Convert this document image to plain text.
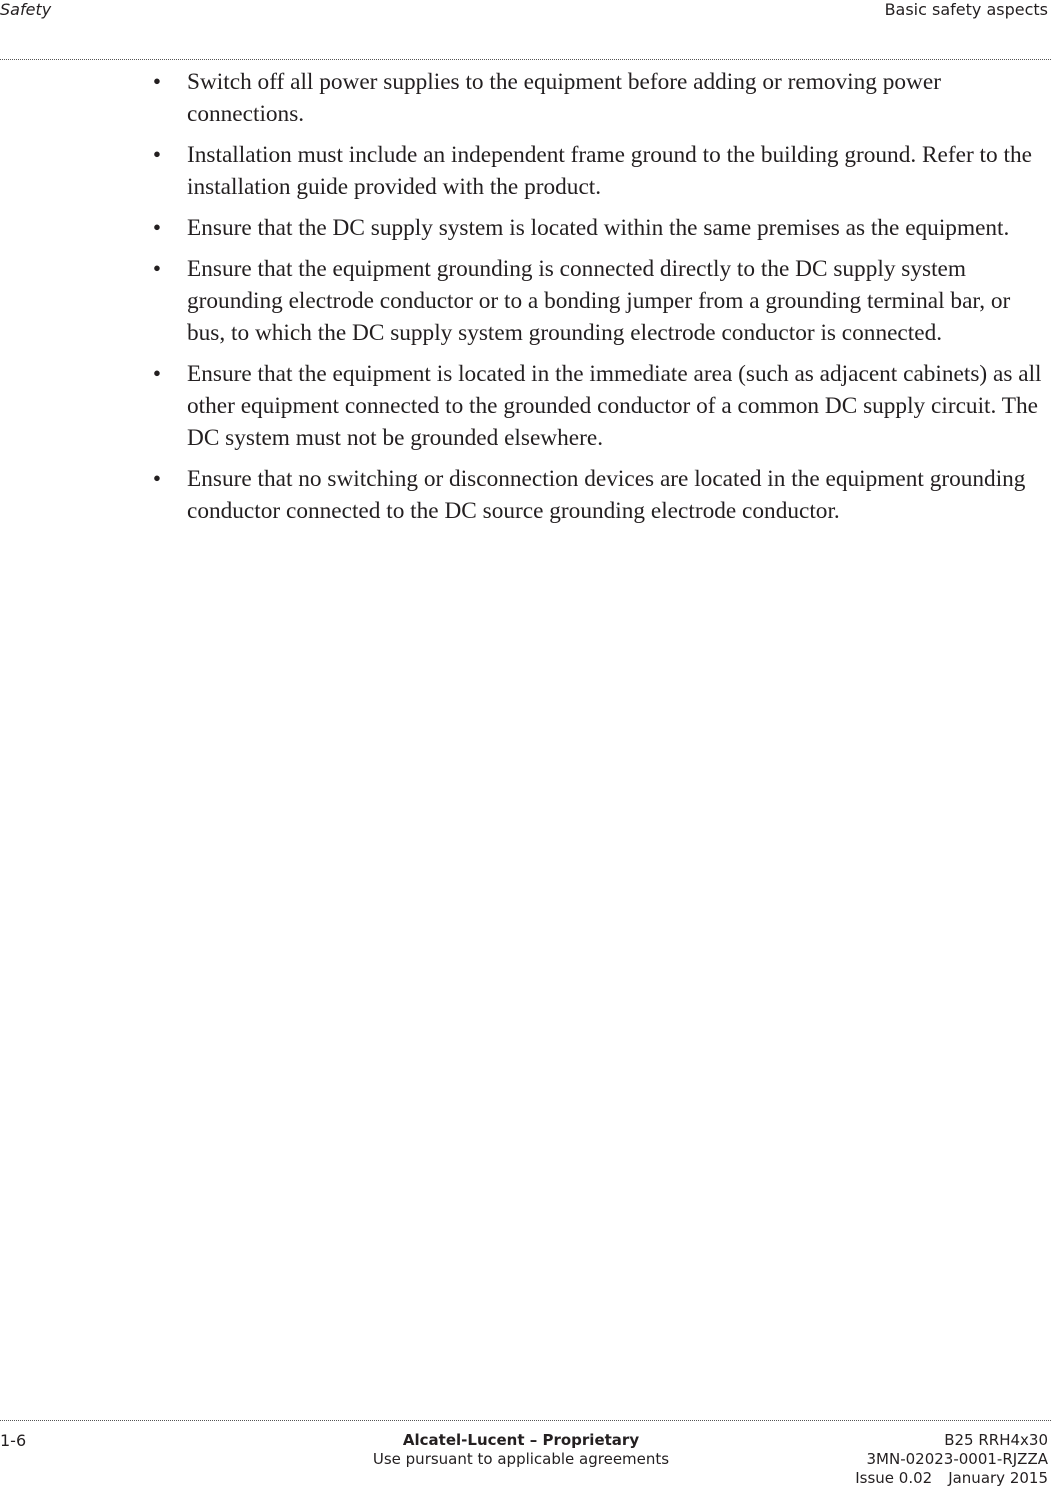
Safety	Basic safety aspects
• Switch off all power supplies to the equipment before adding or removing power connections.
• Installation must include an independent frame ground to the building ground. Refer to the installation guide provided with the product.
• Ensure that the DC supply system is located within the same premises as the equipment.
• Ensure that the equipment grounding is connected directly to the DC supply system grounding electrode conductor or to a bonding jumper from a grounding terminal bar, or bus, to which the DC supply system grounding electrode conductor is connected.
• Ensure that the equipment is located in the immediate area (such as adjacent cabinets) as all other equipment connected to the grounded conductor of a common DC supply circuit. The DC system must not be grounded elsewhere.
• Ensure that no switching or disconnection devices are located in the equipment grounding conductor connected to the DC source grounding electrode conductor.
1-6	Alcatel-Lucent – Proprietary
Use pursuant to applicable agreements
B25 RRH4x30
3MN-02023-0001-RJZZA
Issue 0.02 January 2015
